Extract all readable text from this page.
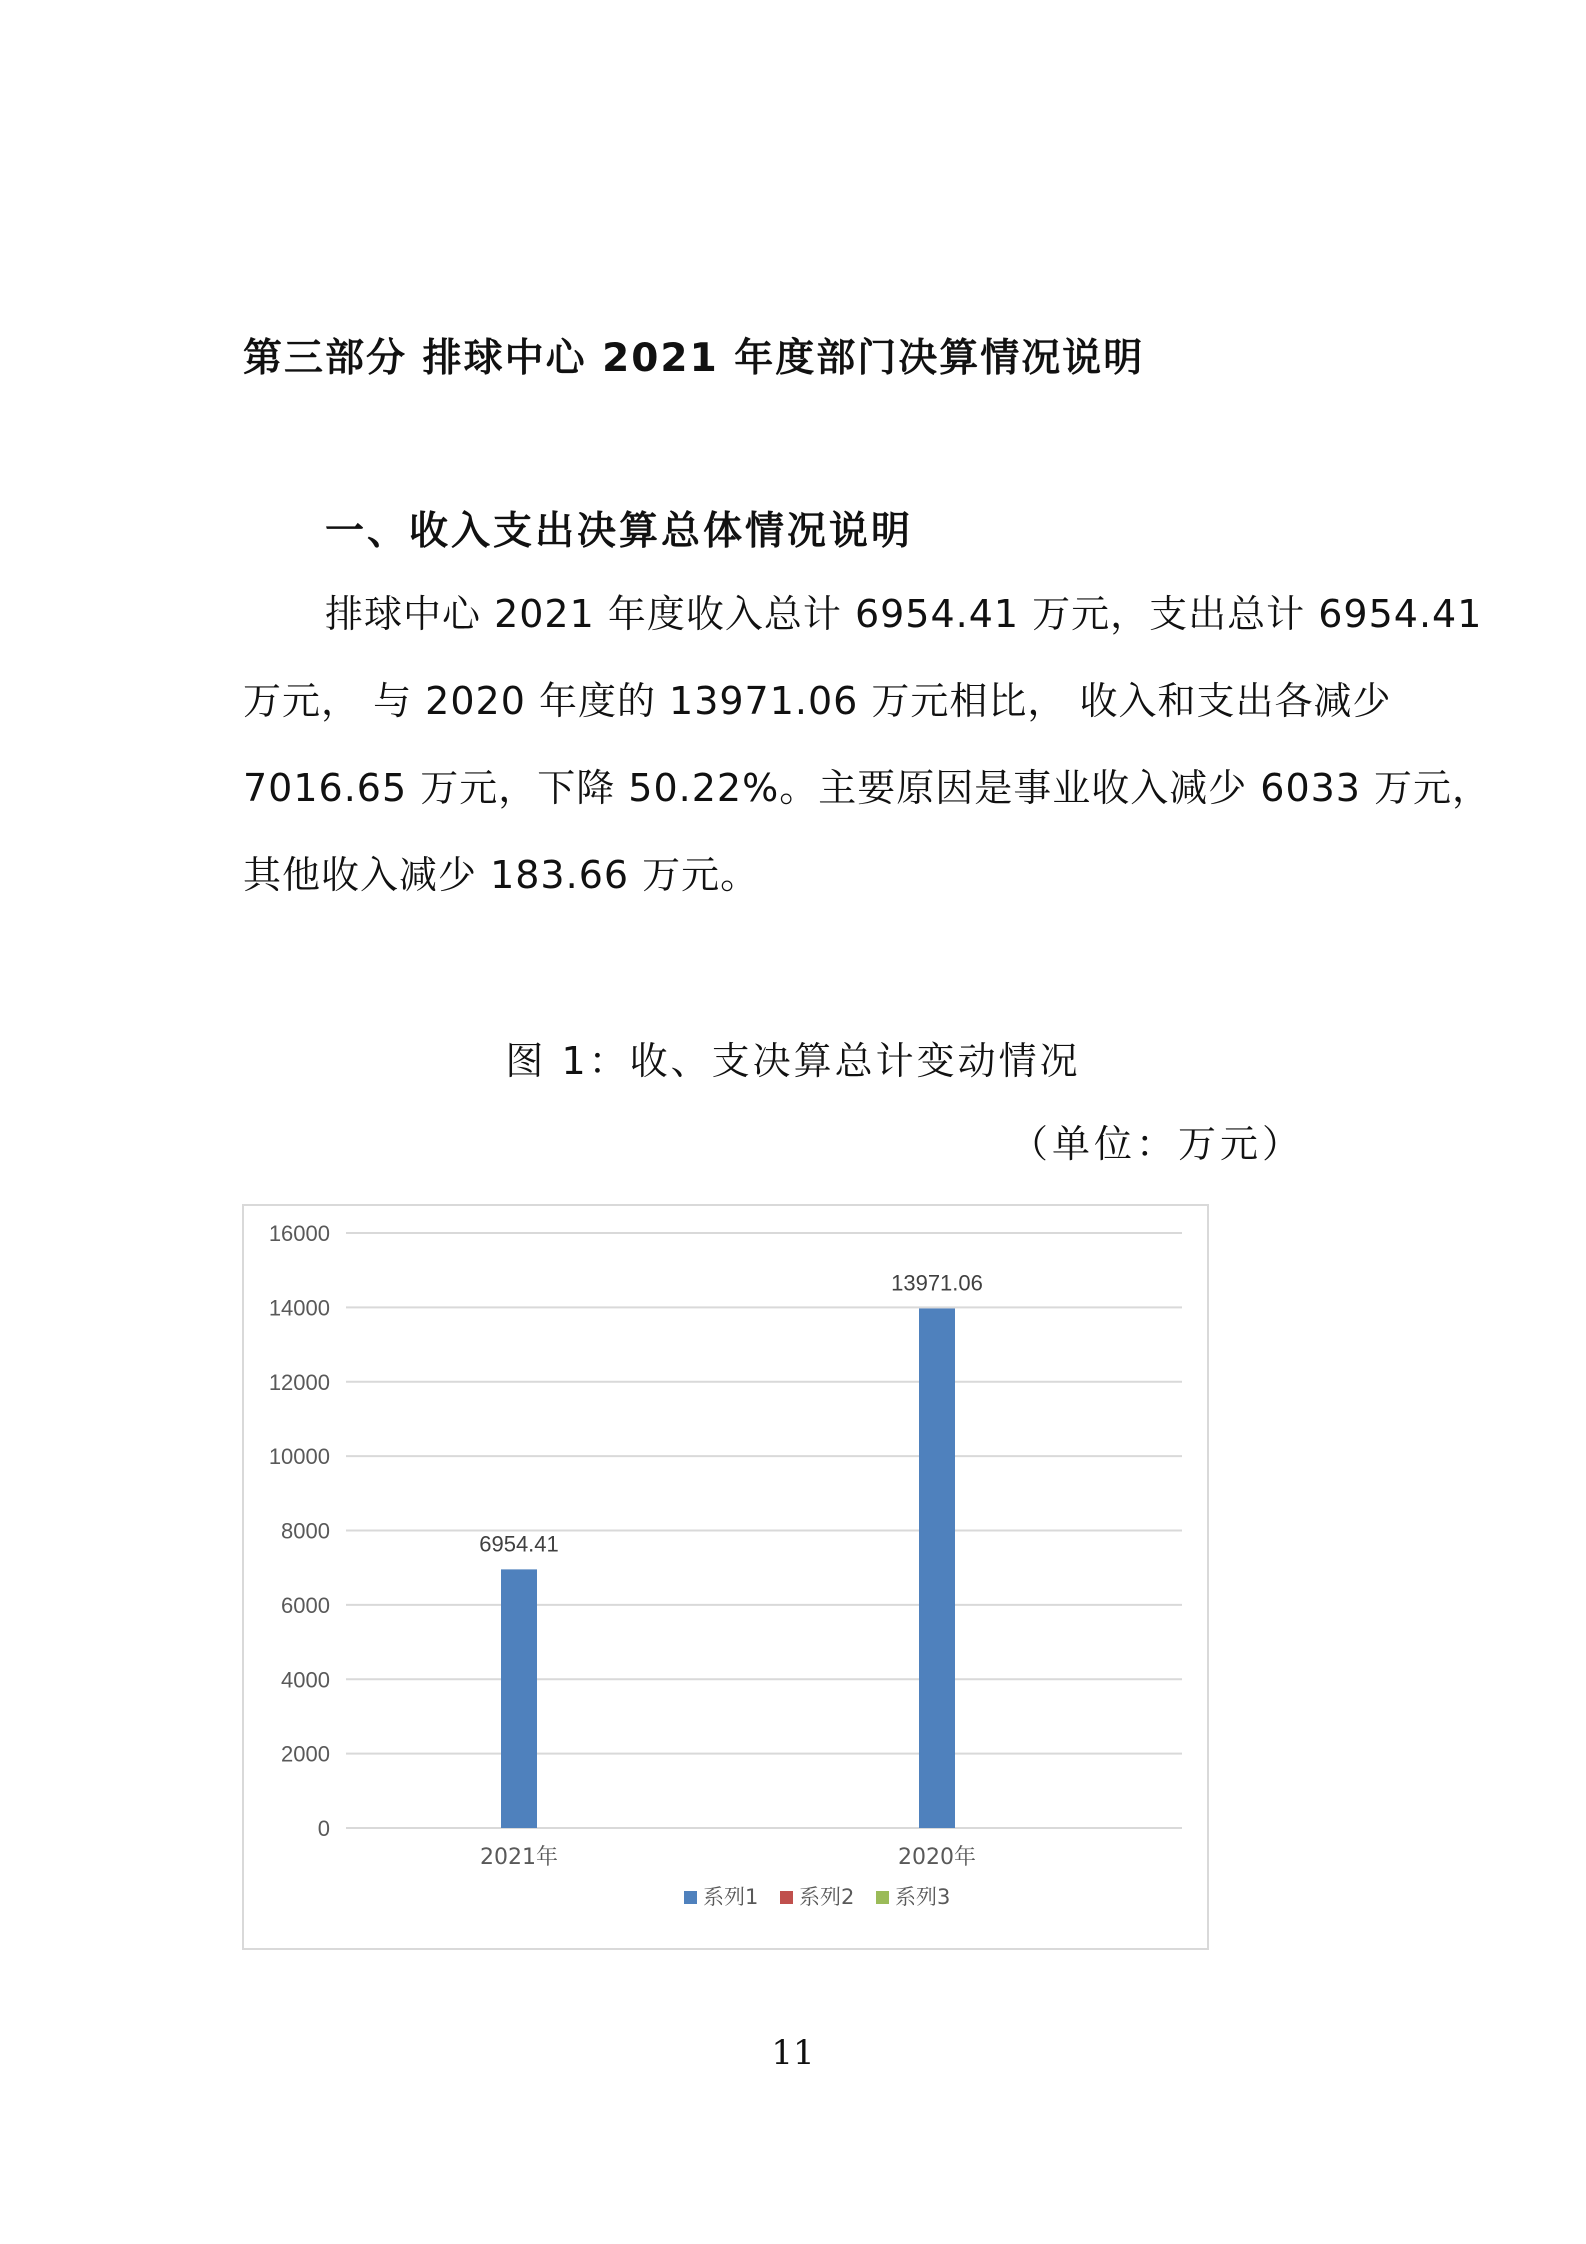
第三部分 排球中心 2021 年度部门决算情况说明
一、收入支出决算总体情况说明
排球中心 2021 年度收入总计 6954.41 万元，支出总计 6954.41
万元， 与 2020 年度的 13971.06 万元相比， 收入和支出各减少
7016.65 万元，下降 50.22%。主要原因是事业收入减少 6033 万元，
其他收入减少 183.66 万元。
图 1：收、支决算总计变动情况
（单位：万元）
0
2000
4000
6000
8000
10000
12000
14000
16000
6954.41
2021年
13971.06
2020年
系列1 系列2 系列3
11
